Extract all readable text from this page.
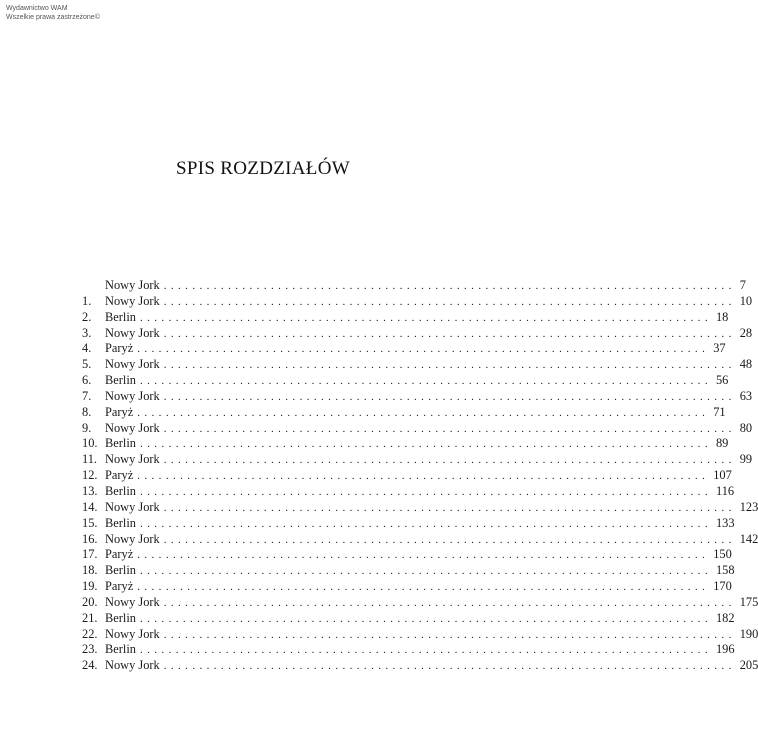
Wydawnictwo WAM
Wszelkie prawa zastrzeżone©
SPIS ROZDZIAŁÓW
Nowy Jork ................................................................................ 7
1.	Nowy Jork ................................................................................ 10
2.	Berlin ................................................................................ 18
3.	Nowy Jork ................................................................................ 28
4.	Paryż ................................................................................ 37
5.	Nowy Jork ................................................................................ 48
6.	Berlin ................................................................................ 56
7.	Nowy Jork ................................................................................ 63
8.	Paryż ................................................................................ 71
9.	Nowy Jork ................................................................................ 80
10. Berlin ................................................................................ 89
11. Nowy Jork ................................................................................ 99
12. Paryż ................................................................................ 107
13. Berlin ................................................................................ 116
14. Nowy Jork ................................................................................ 123
15. Berlin ................................................................................ 133
16. Nowy Jork ................................................................................ 142
17. Paryż ................................................................................ 150
18. Berlin ................................................................................ 158
19. Paryż ................................................................................ 170
20. Nowy Jork ................................................................................ 175
21. Berlin ................................................................................ 182
22. Nowy Jork ................................................................................ 190
23. Berlin ................................................................................ 196
24. Nowy Jork ................................................................................ 205
